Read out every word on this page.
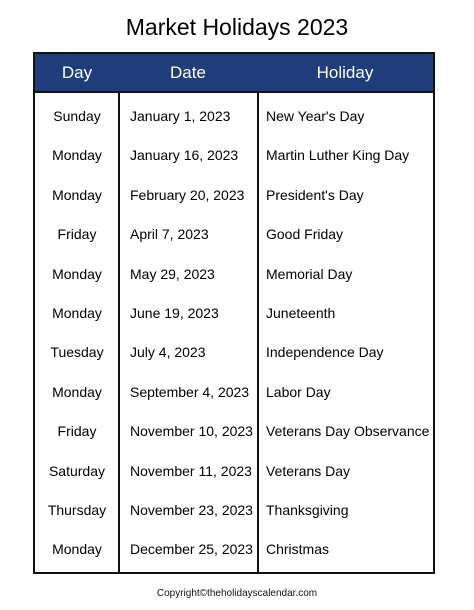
Market Holidays 2023
Day	Date	Holiday
Sunday	January 1, 2023	New Year's Day
Monday	January 16, 2023	Martin Luther King Day
Monday	February 20, 2023	President's Day
Friday	April 7, 2023	Good Friday
Monday	May 29, 2023	Memorial Day
Monday	June 19, 2023	Juneteenth
Tuesday	July 4, 2023	Independence Day
Monday	September 4, 2023	Labor Day
Friday	November 10, 2023 Veterans Day Observance
Saturday	November 11, 2023 Veterans Day
Thursday	November 23, 2023 Thanksgiving
Monday	December 25, 2023 Christmas
Copyright©theholidayscalendar.com
